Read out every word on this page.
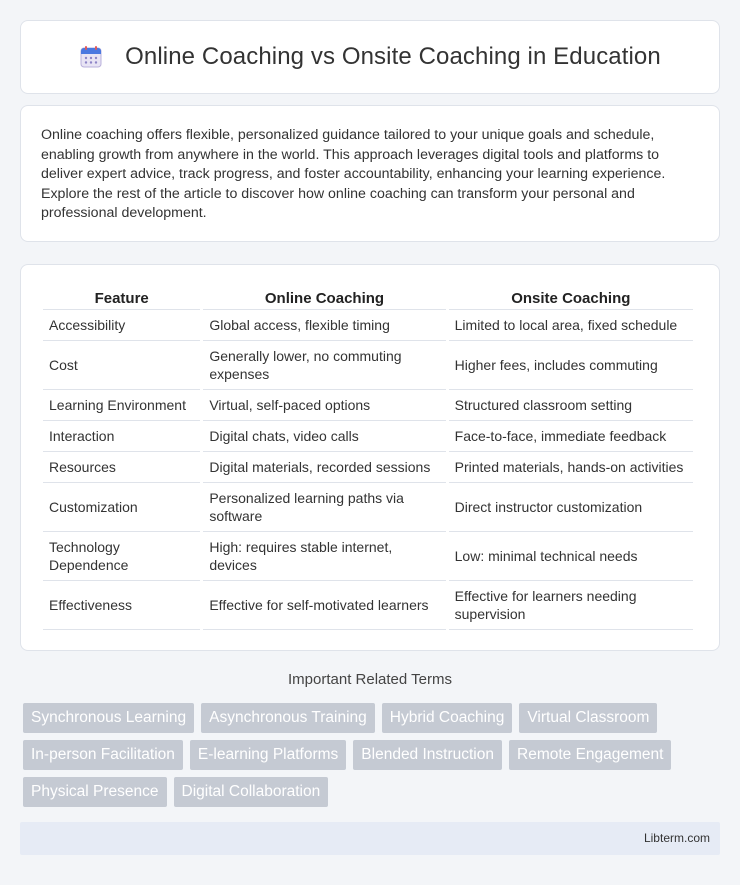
Online Coaching vs Onsite Coaching in Education

Online coaching offers flexible, personalized guidance tailored to your unique goals and schedule, enabling growth from anywhere in the world. This approach leverages digital tools and platforms to deliver expert advice, track progress, and foster accountability, enhancing your learning experience. Explore the rest of the article to discover how online coaching can transform your personal and professional development.

Feature	Online Coaching	Onsite Coaching
Accessibility	Global access, flexible timing	Limited to local area, fixed schedule
Cost	Generally lower, no commuting expenses	Higher fees, includes commuting
Learning Environment	Virtual, self-paced options	Structured classroom setting
Interaction	Digital chats, video calls	Face-to-face, immediate feedback
Resources	Digital materials, recorded sessions	Printed materials, hands-on activities
Customization	Personalized learning paths via software	Direct instructor customization
Technology Dependence	High: requires stable internet, devices	Low: minimal technical needs
Effectiveness	Effective for self-motivated learners	Effective for learners needing supervision
Important Related Terms
Synchronous Learning	Asynchronous Training	Hybrid Coaching	Virtual Classroom
In-person Facilitation	E-learning Platforms	Blended Instruction	Remote Engagement
Physical Presence	Digital Collaboration
Libterm.com
